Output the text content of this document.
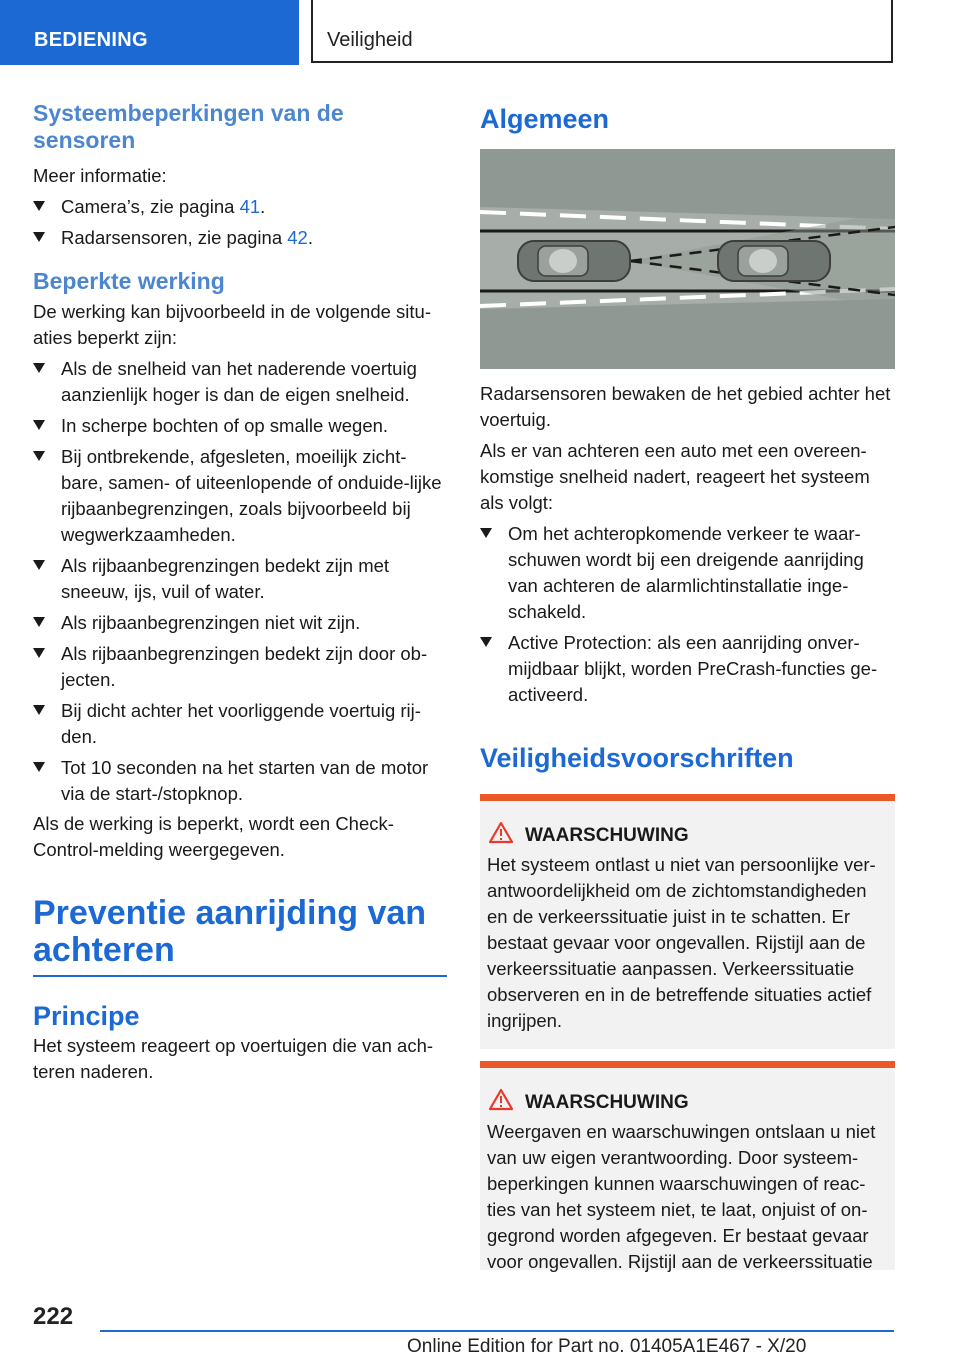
BEDIENING	Veiligheid
Systeembeperkingen van de sensoren

Meer informatie:

Camera’s, zie pagina 41.
Radarsensoren, zie pagina 42.
Beperkte werking

De werking kan bijvoorbeeld in de volgende situ-aties beperkt zijn:

Als de snelheid van het naderende voertuig aanzienlijk hoger is dan de eigen snelheid.
In scherpe bochten of op smalle wegen.
Bij ontbrekende, afgesleten, moeilijk zicht-bare, samen- of uiteenlopende of onduide-lijke rijbaanbegrenzingen, zoals bijvoorbeeld bij wegwerkzaamheden.
Als rijbaanbegrenzingen bedekt zijn met sneeuw, ijs, vuil of water.
Als rijbaanbegrenzingen niet wit zijn.
Als rijbaanbegrenzingen bedekt zijn door ob-jecten.
Bij dicht achter het voorliggende voertuig rij-den.
Tot 10 seconden na het starten van de motor via de start-/stopknop.

Als de werking is beperkt, wordt een Check-Control-melding weergegeven.

Preventie aanrijding van achteren
Principe

Het systeem reageert op voertuigen die van ach-teren naderen.

Algemeen

Radarsensoren bewaken de het gebied achter het voertuig.

Als er van achteren een auto met een overeen-komstige snelheid nadert, reageert het systeem als volgt:

Om het achteropkomende verkeer te waar-schuwen wordt bij een dreigende aanrijding van achteren de alarmlichtinstallatie inge-schakeld.
Active Protection: als een aanrijding onver-mijdbaar blijkt, worden PreCrash-functies ge-activeerd.
Veiligheidsvoorschriften
WAARSCHUWING

Het systeem ontlast u niet van persoonlijke ver-antwoordelijkheid om de zichtomstandigheden en de verkeerssituatie juist in te schatten. Er bestaat gevaar voor ongevallen. Rijstijl aan de verkeerssituatie aanpassen. Verkeerssituatie observeren en in de betreffende situaties actief ingrijpen.

WAARSCHUWING

Weergaven en waarschuwingen ontslaan u niet van uw eigen verantwoording. Door systeem-beperkingen kunnen waarschuwingen of reac-ties van het systeem niet, te laat, onjuist of on-gegrond worden afgegeven. Er bestaat gevaar voor ongevallen. Rijstijl aan de verkeerssituatie

222
Online Edition for Part no. 01405A1E467 - X/20
